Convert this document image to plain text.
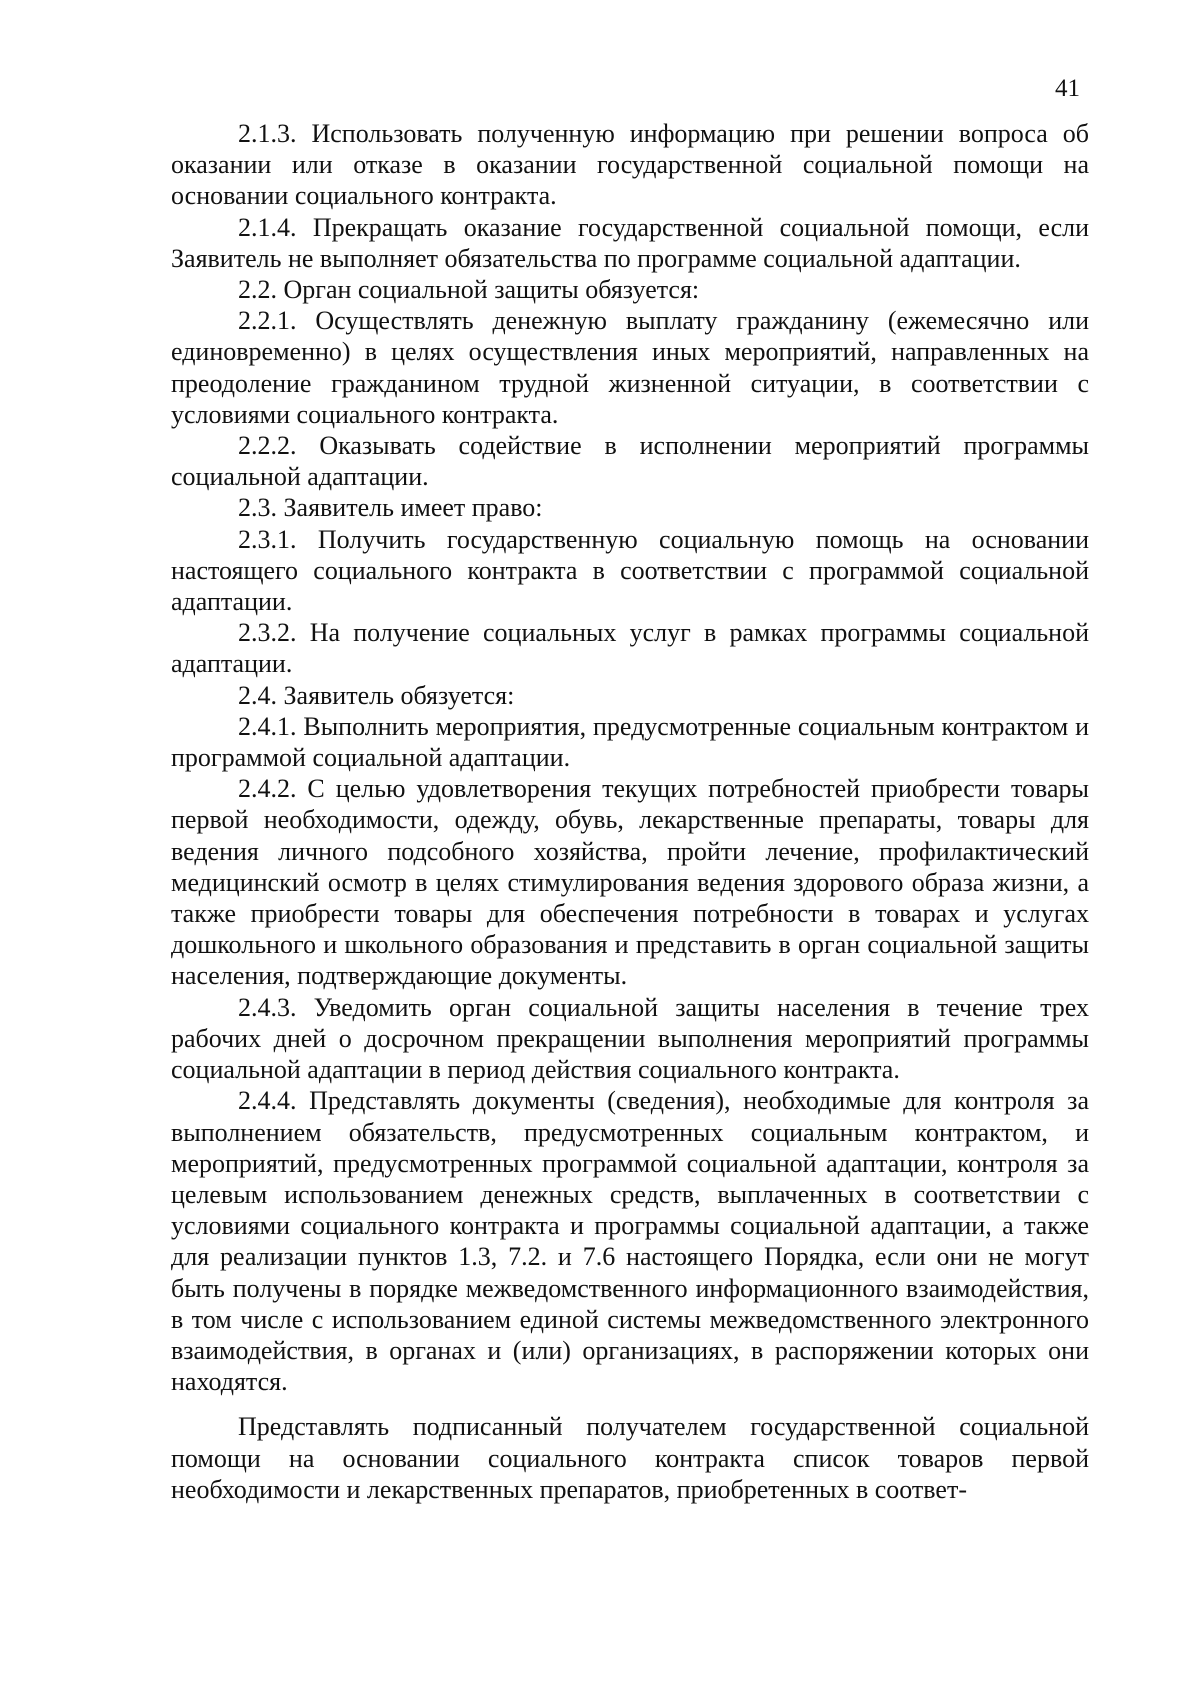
41

2.1.3. Использовать полученную информацию при решении вопроса об оказании или отказе в оказании государственной социальной помощи на основании социального контракта.

2.1.4. Прекращать оказание государственной социальной помощи, если Заявитель не выполняет обязательства по программе социальной адаптации.

2.2. Орган социальной защиты обязуется:

2.2.1. Осуществлять денежную выплату гражданину (ежемесячно или единовременно) в целях осуществления иных мероприятий, направленных на преодоление гражданином трудной жизненной ситуации, в соответствии с условиями социального контракта.

2.2.2. Оказывать содействие в исполнении мероприятий программы социальной адаптации.

2.3. Заявитель имеет право:

2.3.1. Получить государственную социальную помощь на основании настоящего социального контракта в соответствии с программой социальной адаптации.

2.3.2. На получение социальных услуг в рамках программы социальной адаптации.

2.4. Заявитель обязуется:

2.4.1. Выполнить мероприятия, предусмотренные социальным контрактом и программой социальной адаптации.

2.4.2. С целью удовлетворения текущих потребностей приобрести товары первой необходимости, одежду, обувь, лекарственные препараты, товары для ведения личного подсобного хозяйства, пройти лечение, профилактический медицинский осмотр в целях стимулирования ведения здорового образа жизни, а также приобрести товары для обеспечения потребности в товарах и услугах дошкольного и школьного образования и представить в орган социальной защиты населения, подтверждающие документы.

2.4.3. Уведомить орган социальной защиты населения в течение трех рабочих дней о досрочном прекращении выполнения мероприятий программы социальной адаптации в период действия социального контракта.

2.4.4. Представлять документы (сведения), необходимые для контроля за выполнением обязательств, предусмотренных социальным контрактом, и мероприятий, предусмотренных программой социальной адаптации, контроля за целевым использованием денежных средств, выплаченных в соответствии с условиями социального контракта и программы социальной адаптации, а также для реализации пунктов 1.3, 7.2. и 7.6 настоящего Порядка, если они не могут быть получены в порядке межведомственного информационного взаимодействия, в том числе с использованием единой системы межведомственного электронного взаимодействия, в органах и (или) организациях, в распоряжении которых они находятся.

Представлять подписанный получателем государственной социальной помощи на основании социального контракта список товаров первой необходимости и лекарственных препаратов, приобретенных в соответ-
